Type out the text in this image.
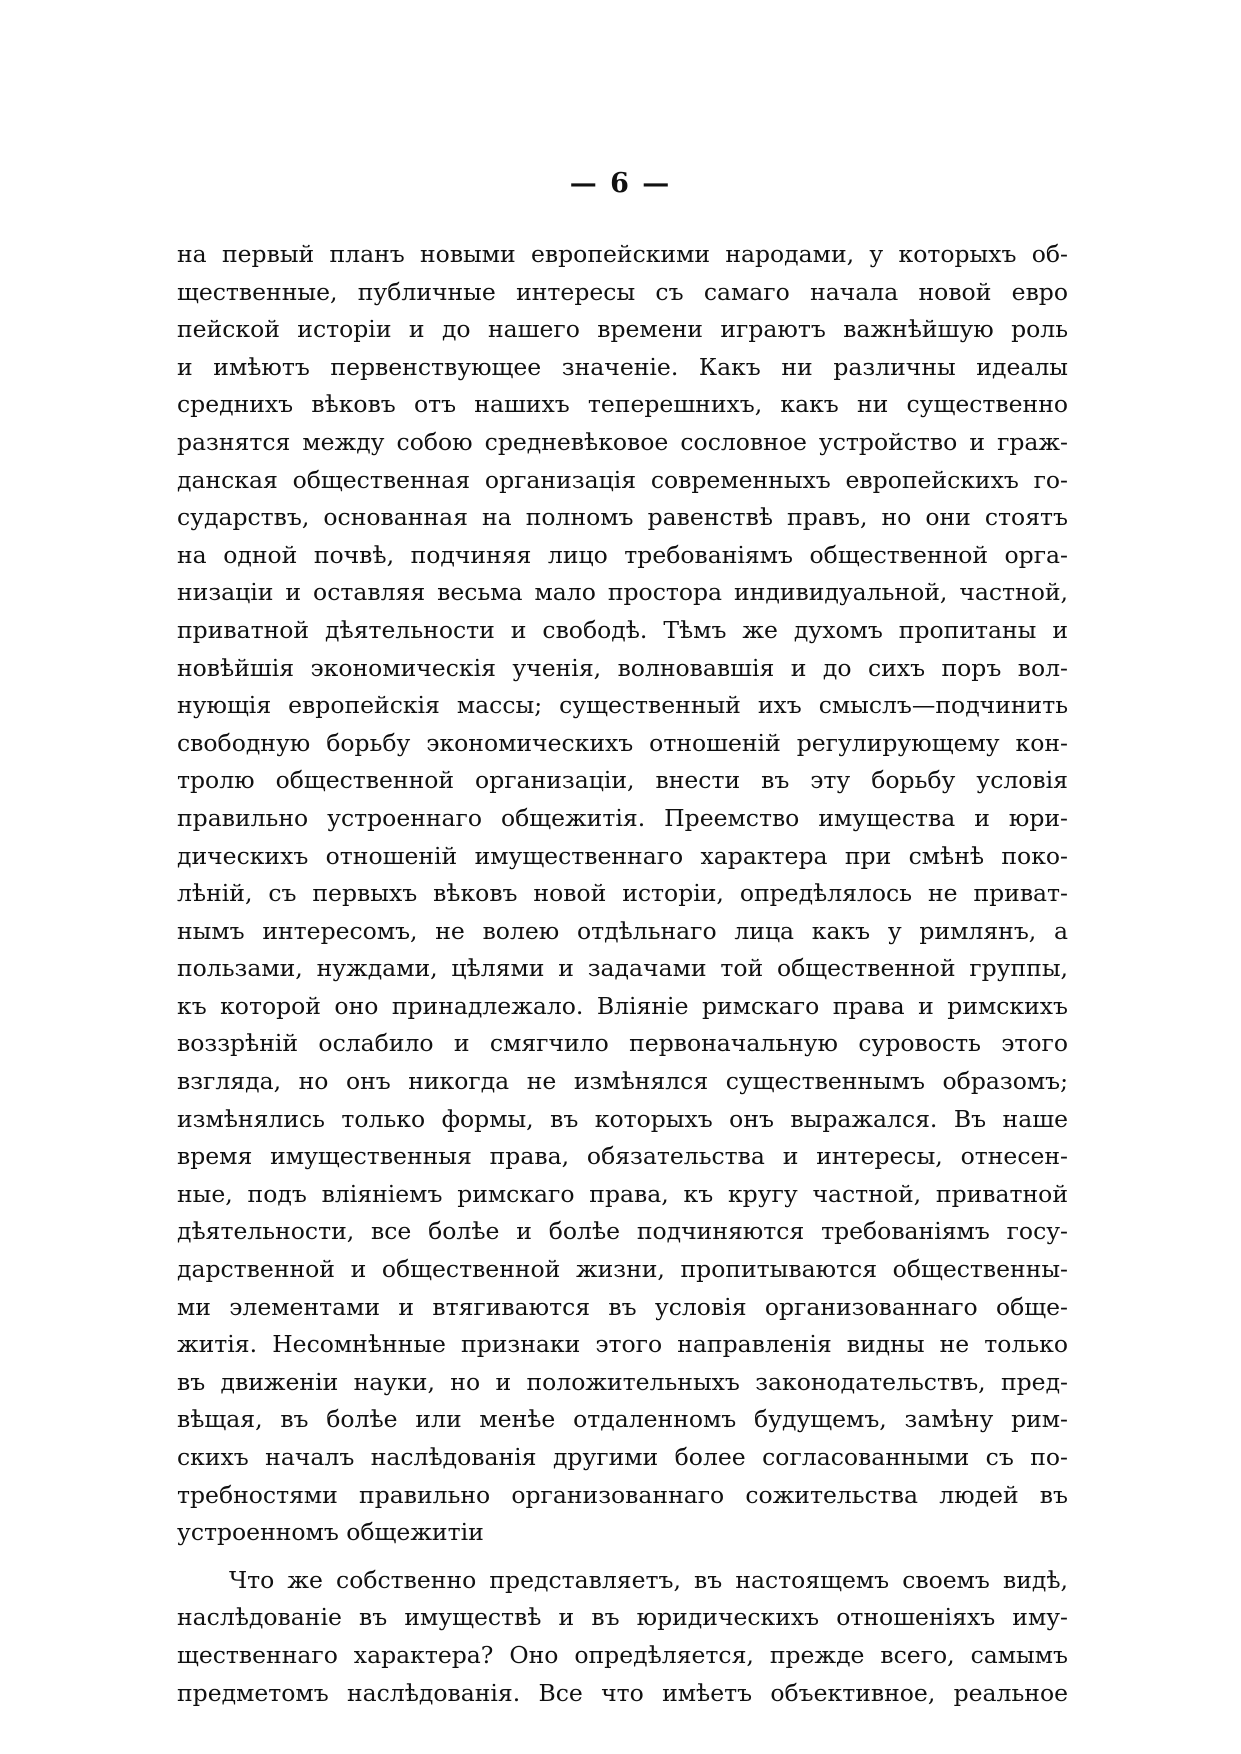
— 6 —
на первый планъ новыми европейскими народами, у которыхъ об-
щественные, публичные интересы съ самаго начала новой евро
пейской исторіи и до нашего времени играютъ важнѣйшую роль
и имѣютъ первенствующее значеніе. Какъ ни различны идеалы
среднихъ вѣковъ отъ нашихъ теперешнихъ, какъ ни существенно
разнятся между собою средневѣковое сословное устройство и граж-
данская общественная организація современныхъ европейскихъ го-
сударствъ, основанная на полномъ равенствѣ правъ, но они стоятъ
на одной почвѣ, подчиняя лицо требованіямъ общественной орга-
низаціи и оставляя весьма мало простора индивидуальной, частной,
приватной дѣятельности и свободѣ. Тѣмъ же духомъ пропитаны и
новѣйшія экономическія ученія, волновавшія и до сихъ поръ вол-
нующія европейскія массы; существенный ихъ смыслъ—подчинить
свободную борьбу экономическихъ отношеній регулирующему кон-
тролю общественной организаціи, внести въ эту борьбу условія
правильно устроеннаго общежитія. Преемство имущества и юри-
дическихъ отношеній имущественнаго характера при смѣнѣ поко-
лѣній, съ первыхъ вѣковъ новой исторіи, опредѣлялось не приват-
нымъ интересомъ, не волею отдѣльнаго лица какъ у римлянъ, а
пользами, нуждами, цѣлями и задачами той общественной группы,
къ которой оно принадлежало. Вліяніе римскаго права и римскихъ
воззрѣній ослабило и смягчило первоначальную суровость этого
взгляда, но онъ никогда не измѣнялся существеннымъ образомъ;
измѣнялись только формы, въ которыхъ онъ выражался. Въ наше
время имущественныя права, обязательства и интересы, отнесен-
ные, подъ вліяніемъ римскаго права, къ кругу частной, приватной
дѣятельности, все болѣе и болѣе подчиняются требованіямъ госу-
дарственной и общественной жизни, пропитываются общественны-
ми элементами и втягиваются въ условія организованнаго обще-
житія. Несомнѣнные признаки этого направленія видны не только
въ движеніи науки, но и положительныхъ законодательствъ, пред-
вѣщая, въ болѣе или менѣе отдаленномъ будущемъ, замѣну рим-
скихъ началъ наслѣдованія другими более согласованными съ по-
требностями правильно организованнаго сожительства людей въ
устроенномъ общежитіи
Что же собственно представляетъ, въ настоящемъ своемъ видѣ,
наслѣдованіе въ имуществѣ и въ юридическихъ отношеніяхъ иму-
щественнаго характера? Оно опредѣляется, прежде всего, самымъ
предметомъ наслѣдованія. Все что имѣетъ объективное, реальное
